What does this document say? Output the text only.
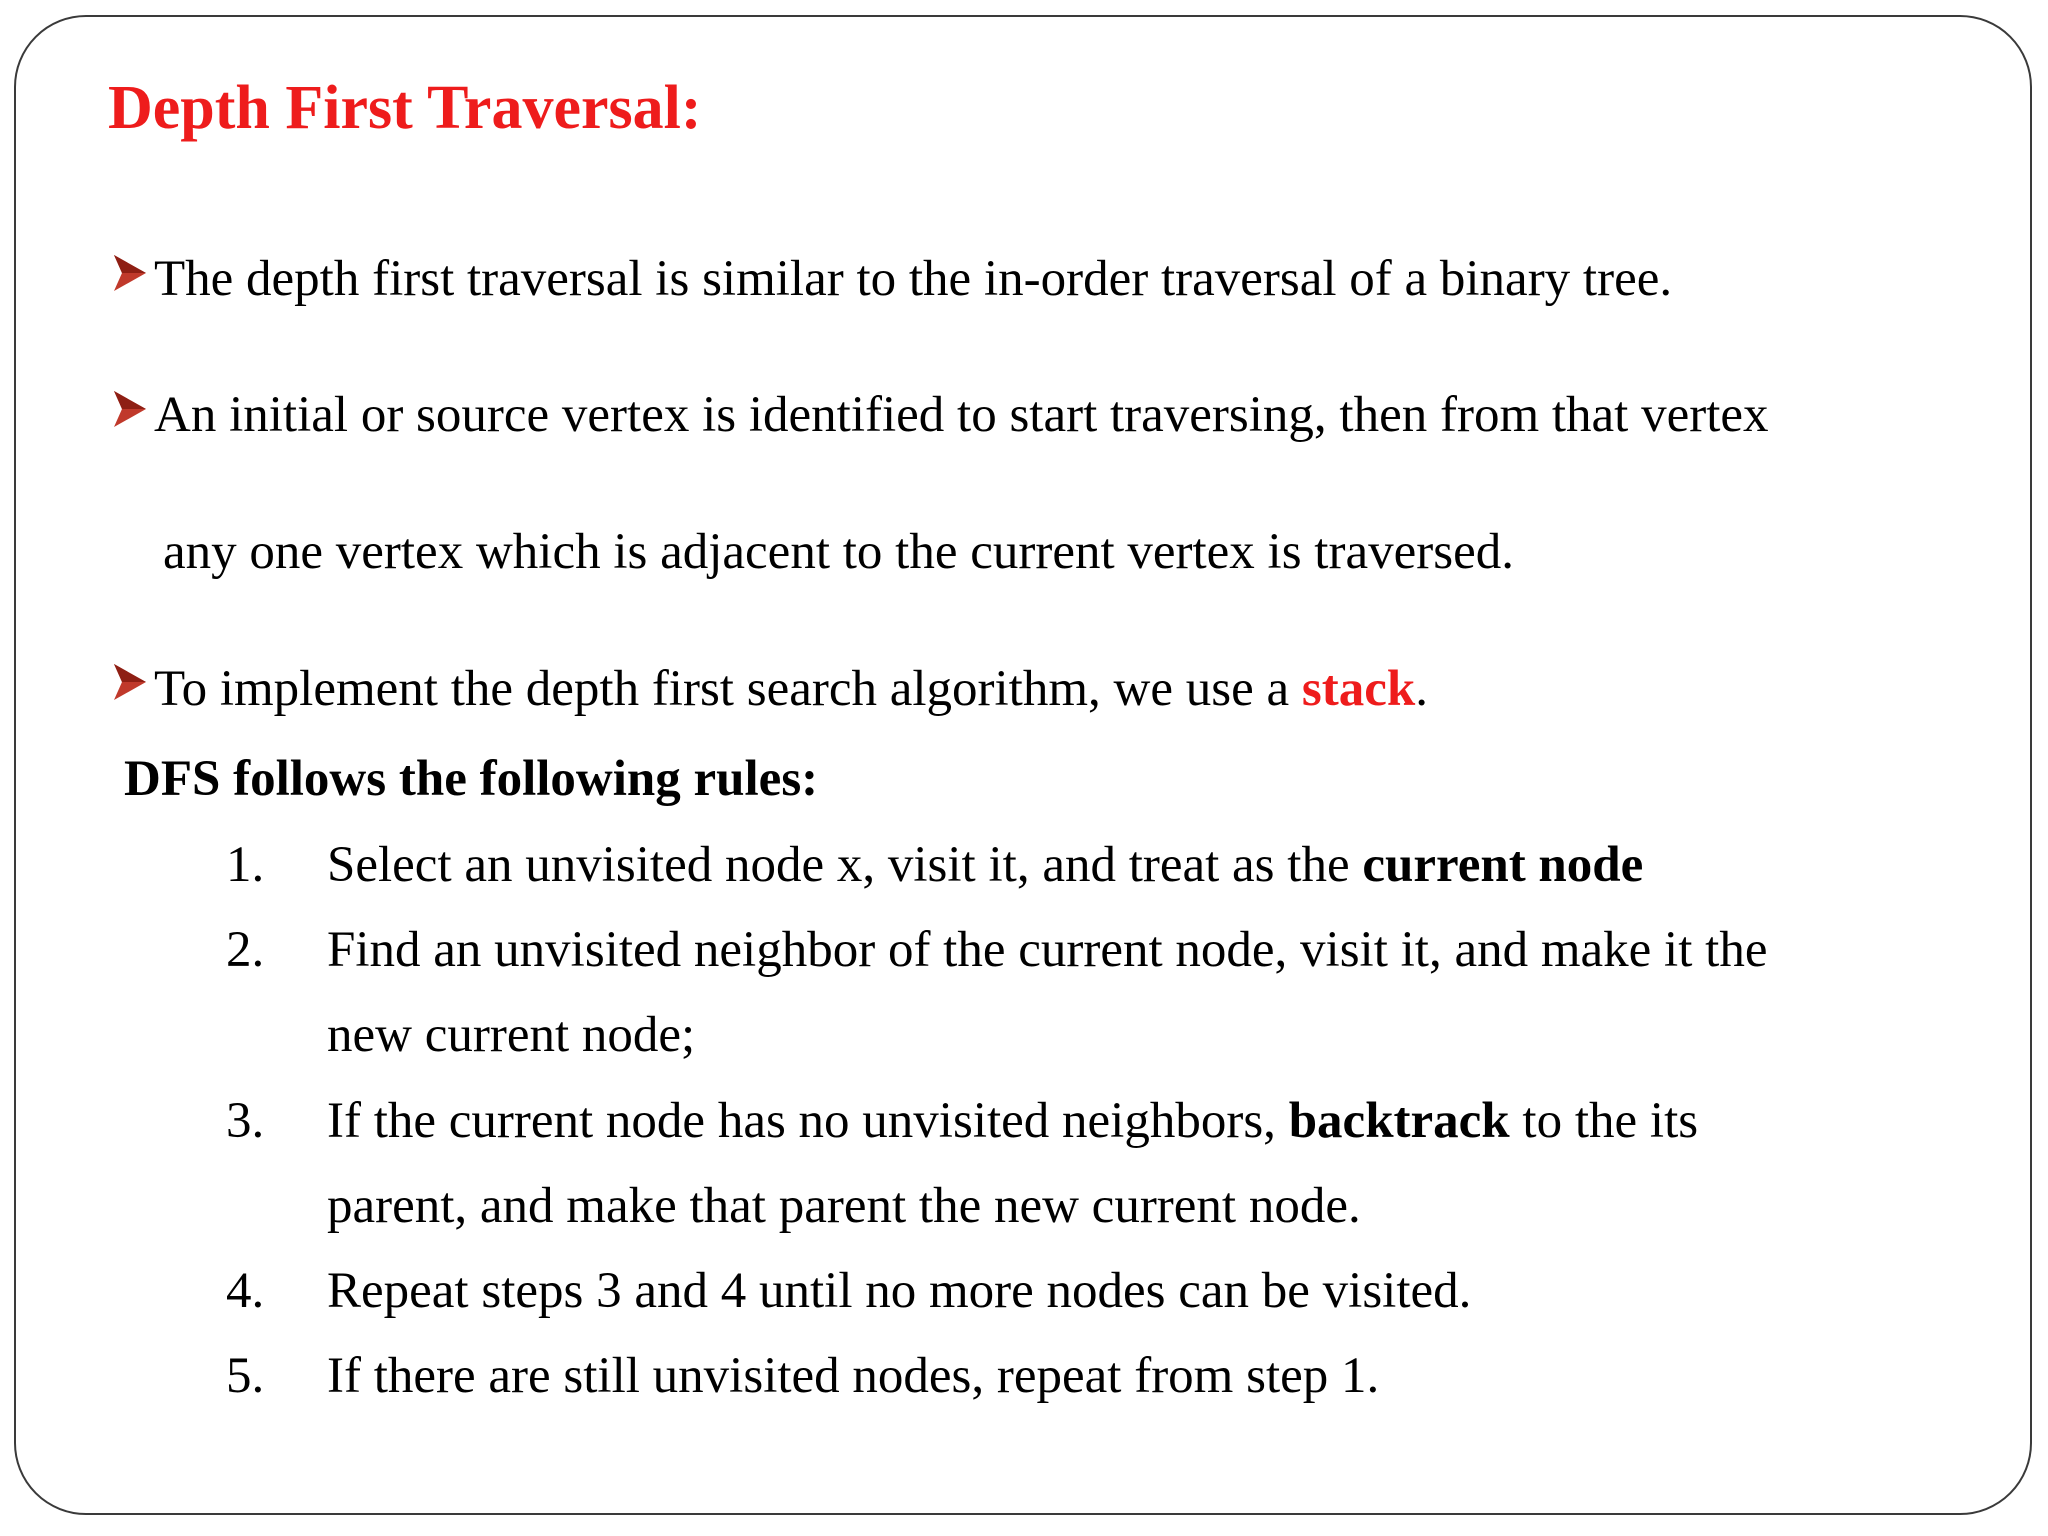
Depth First Traversal:
The depth first traversal is similar to the in-order traversal of a binary tree.
An initial or source vertex is identified to start traversing, then from that vertex
any one vertex which is adjacent to the current vertex is traversed.
To implement the depth first search algorithm, we use a stack.
DFS follows the following rules:
1. Select an unvisited node x, visit it, and treat as the current node
2. Find an unvisited neighbor of the current node, visit it, and make it the
new current node;
3. If the current node has no unvisited neighbors, backtrack to the its
parent, and make that parent the new current node.
4. Repeat steps 3 and 4 until no more nodes can be visited.
5. If there are still unvisited nodes, repeat from step 1.
